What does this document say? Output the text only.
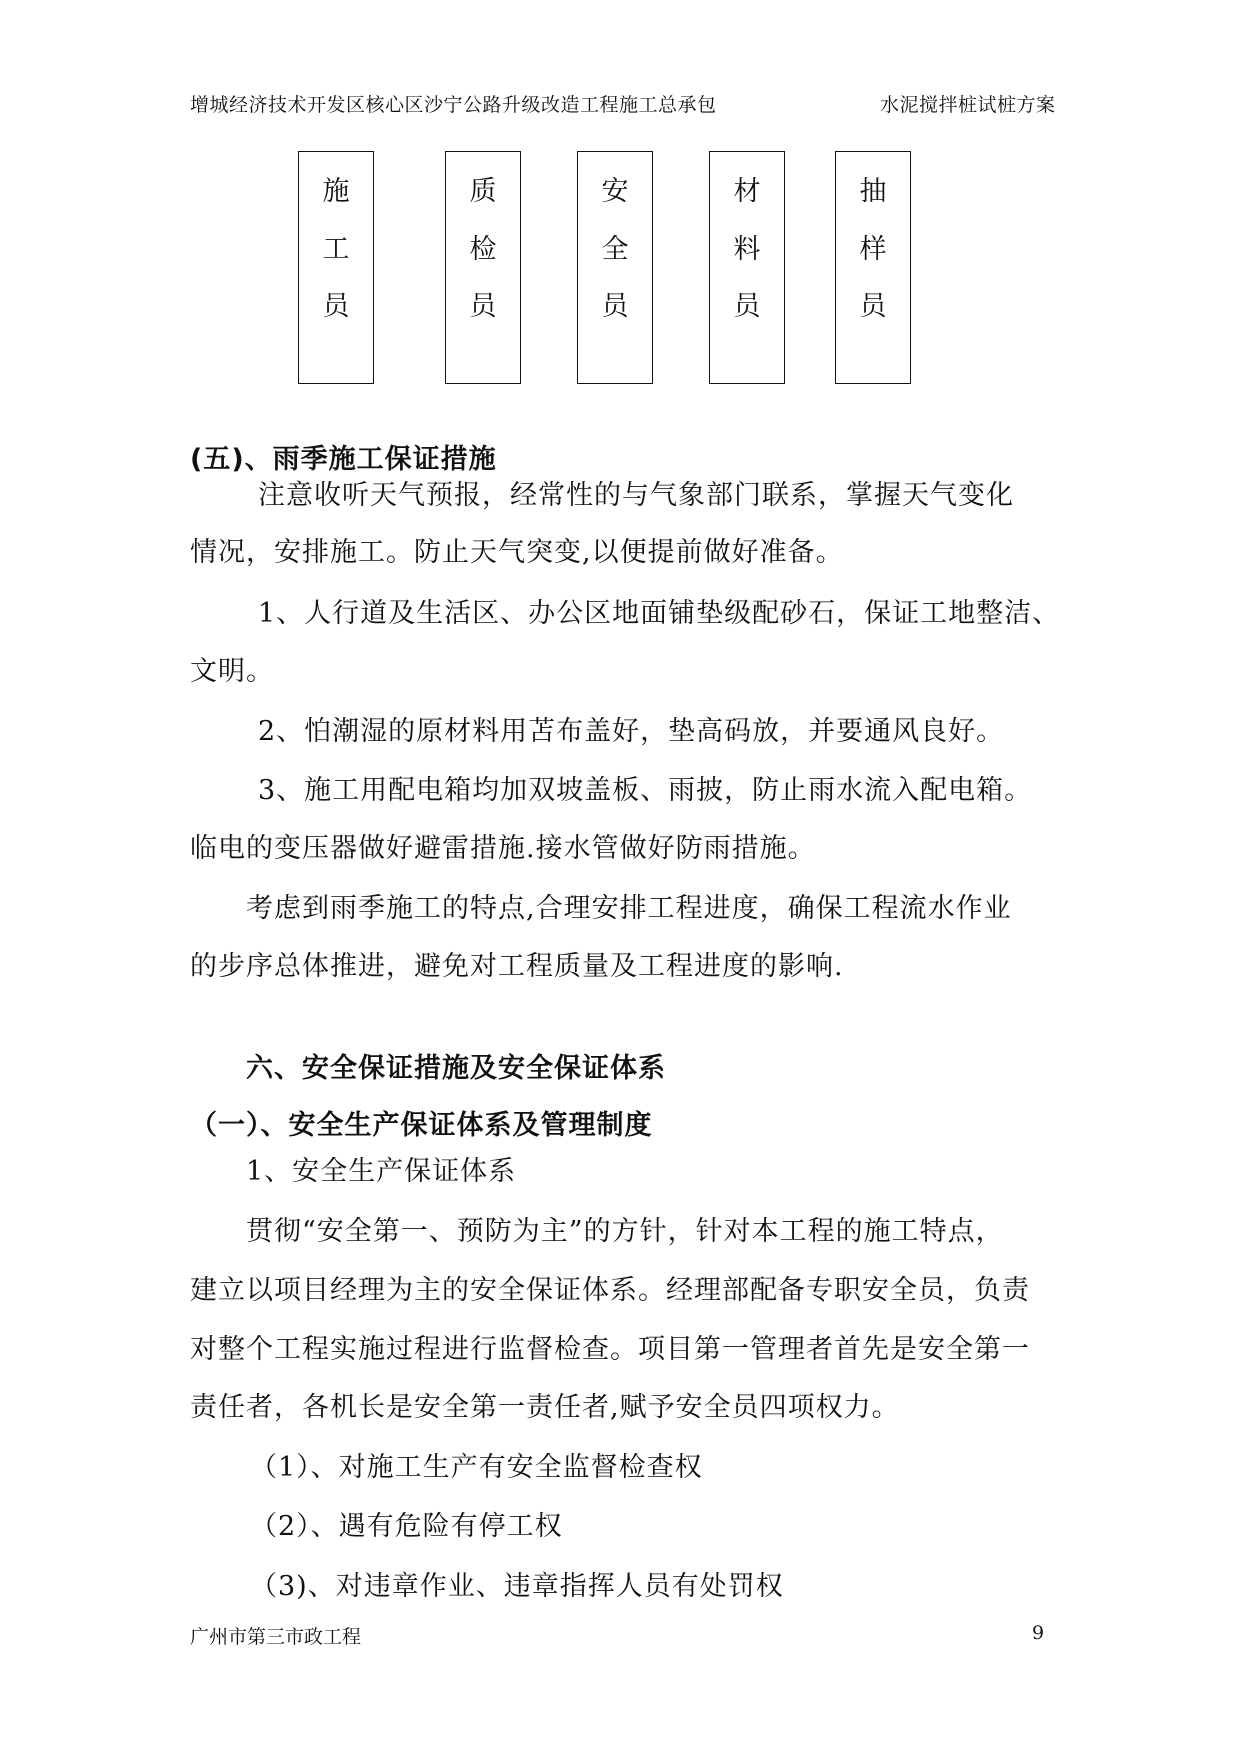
增城经济技术开发区核心区沙宁公路升级改造工程施工总承包	水泥搅拌桩试桩方案
施
工
员
质
检
员
安
全
员
材
料
员
抽
样
员
(五)、雨季施工保证措施
注意收听天气预报，经常性的与气象部门联系，掌握天气变化
情况，安排施工。防止天气突变,以便提前做好准备。
1、人行道及生活区、办公区地面铺垫级配砂石，保证工地整洁、
文明。
2、怕潮湿的原材料用苫布盖好，垫高码放，并要通风良好。
3、施工用配电箱均加双坡盖板、雨披，防止雨水流入配电箱。
临电的变压器做好避雷措施.接水管做好防雨措施。
考虑到雨季施工的特点,合理安排工程进度，确保工程流水作业
的步序总体推进，避免对工程质量及工程进度的影响.
六、安全保证措施及安全保证体系
（一）、安全生产保证体系及管理制度
1、安全生产保证体系
贯彻“安全第一、预防为主”的方针，针对本工程的施工特点，
建立以项目经理为主的安全保证体系。经理部配备专职安全员，负责
对整个工程实施过程进行监督检查。项目第一管理者首先是安全第一
责任者，各机长是安全第一责任者,赋予安全员四项权力。
（1）、对施工生产有安全监督检查权
（2）、遇有危险有停工权
（3)、对违章作业、违章指挥人员有处罚权
广州市第三市政工程	9
